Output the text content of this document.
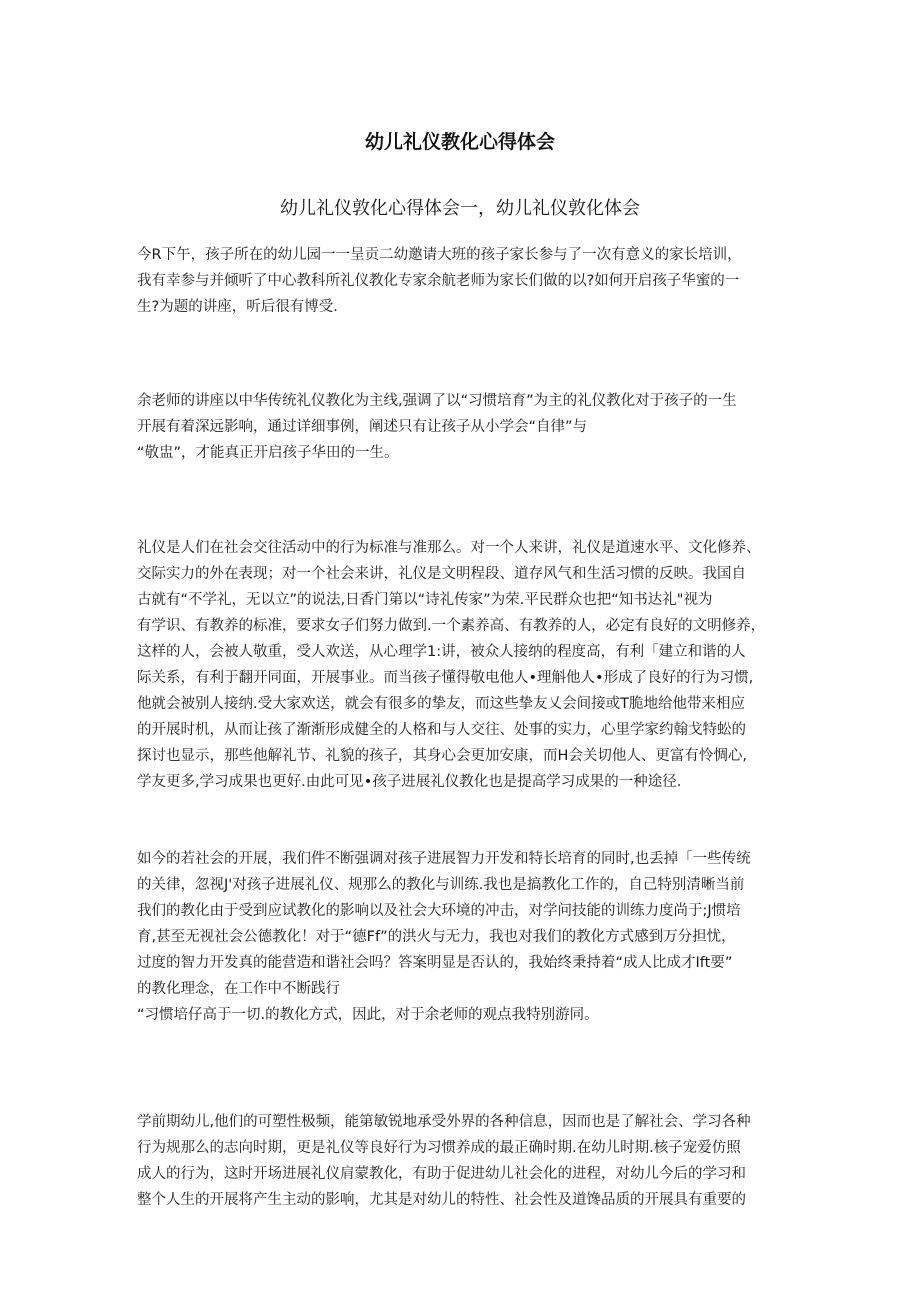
幼儿礼仪教化心得体会
幼儿礼仪敦化心得体会一，幼儿礼仪敦化体会

今R下午，孩子所在的幼儿园一一呈贡二幼邀请大班的孩子家长参与了一次有意义的家长培训，
我有幸参与并倾听了中心教科所礼仪教化专家余航老师为家长们做的以?如何开启孩子华蜜的一
生?为题的讲座，听后很有博受.

余老师的讲座以中华传统礼仪教化为主线,强调了以“习惯培育”为主的礼仪教化对于孩子的一生
开展有着深远影响，通过详细事例，阐述只有让孩子从小学会“自律”与
“敬盅”，才能真正开启孩子华田的一生。

礼仪是人们在社会交往活动中的行为标准与准那么。对一个人来讲，礼仪是道速水平、文化修养、
交际实力的外在表现；对一个社会来讲，礼仪是文明程段、道存风气和生活习惯的反映。我国自
古就有“不学礼，无以立”的说法,日香门第以“诗礼传家”为荣.平民群众也把“知书达礼"视为
有学识、有教养的标准，要求女子们努力做到.一个素养高、有教养的人，必定有良好的文明修养，
这样的人，会被人敬重，受人欢送，从心理学1:讲，被众人接纳的程度高，有利「建立和谐的人
际关系，有利于翻开同面，开展事业。而当孩子懂得敬电他人•理斛他人•形成了良好的行为习惯,
他就会被别人接纳.受大家欢送，就会有很多的挚友，而这些挚友乂会间接或T脆地给他带来相应
的开展时机，从而让孩了渐渐形成健全的人格和与人交往、处事的实力，心里学家约翰戈特蚣的
探讨也显示，那些他解礼节、礼貌的孩子，其身心会更加安康，而H会关切他人、更富有怜惆心,
学友更多,学习成果也更好.由此可见•孩子进展礼仪教化也是提高学习成果的一种途径.

如今的若社会的开展，我们件不断强调对孩子进展智力开发和特长培育的同时,也丢掉「一些传统
的关律，忽视J'对孩子进展礼仪、规那么的教化与训练.我也是搞教化工作的，自己特别清晰当前
我们的教化由于受到应试教化的影响以及社会大环境的冲击，对学问技能的训练力度尚于;J惯培
育,甚至无视社会公德教化！对于“德Ff”的洪火与无力，我也对我们的教化方式感到万分担忧，
过度的智力开发真的能营造和谐社会吗？答案明显是否认的，我始终秉持着“成人比成才Ift要”
的教化理念，在工作中不断践行
“习惯培仔高于一切.的教化方式，因此，对于余老师的观点我特别游同。

学前期幼儿,他们的可塑性极频，能第敏锐地承受外界的各种信息，因而也是了解社会、学习各种
行为规那么的志向时期，更是礼仪等良好行为习惯养成的最正确时期.在幼儿时期.核子宠爱仿照
成人的行为，这时开场进展礼仪肩蒙教化，有助于促进幼儿社会化的进程，对幼儿今后的学习和
整个人生的开展将产生主动的影响，尤其是对幼儿的特性、社会性及道馋品质的开展具有重要的
